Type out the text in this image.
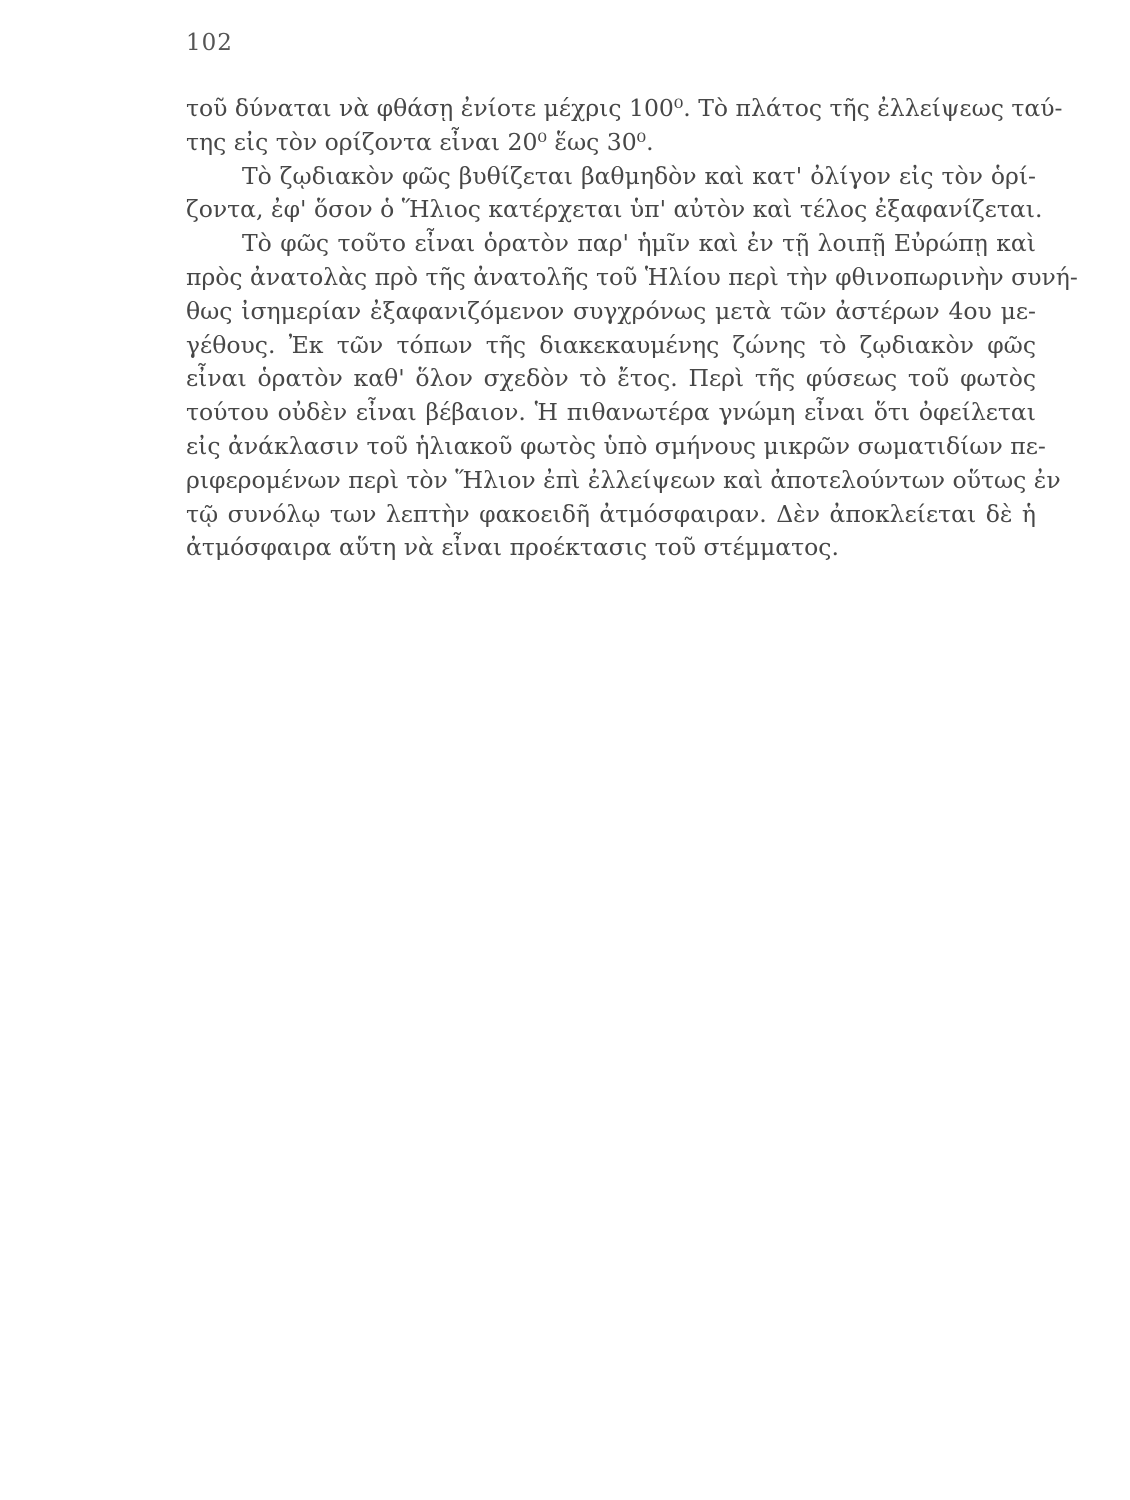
102
τοῦ δύναται νὰ φθάσῃ ἐνίοτε μέχρις 100⁰. Τὸ πλάτος τῆς ἐλλείψεως ταύ-
της εἰς τὸν ορίζοντα εἶναι 20⁰ ἕως 30⁰.
Τὸ ζῳδιακὸν φῶς βυθίζεται βαθμηδὸν καὶ κατ' ὀλίγον εἰς τὸν ὁρί-
ζοντα, ἐφ' ὅσον ὁ Ἥλιος κατέρχεται ὑπ' αὐτὸν καὶ τέλος ἐξαφανίζεται.
Τὸ φῶς τοῦτο εἶναι ὁρατὸν παρ' ἡμῖν καὶ ἐν τῇ λοιπῇ Εὐρώπῃ καὶ
πρὸς ἀνατολὰς πρὸ τῆς ἀνατολῆς τοῦ Ἡλίου περὶ τὴν φθινοπωρινὴν συνή-
θως ἰσημερίαν ἐξαφανιζόμενον συγχρόνως μετὰ τῶν ἀστέρων 4ου με-
γέθους. Ἐκ τῶν τόπων τῆς διακεκαυμένης ζώνης τὸ ζῳδιακὸν φῶς
εἶναι ὁρατὸν καθ' ὅλον σχεδὸν τὸ ἔτος. Περὶ τῆς φύσεως τοῦ φωτὸς
τούτου οὐδὲν εἶναι βέβαιον. Ἡ πιθανωτέρα γνώμη εἶναι ὅτι ὀφείλεται
εἰς ἀνάκλασιν τοῦ ἡλιακοῦ φωτὸς ὑπὸ σμήνους μικρῶν σωματιδίων πε-
ριφερομένων περὶ τὸν Ἥλιον ἐπὶ ἐλλείψεων καὶ ἀποτελούντων οὕτως ἐν
τῷ συνόλῳ των λεπτὴν φακοειδῆ ἀτμόσφαιραν. Δὲν ἀποκλείεται δὲ ἡ
ἀτμόσφαιρα αὕτη νὰ εἶναι προέκτασις τοῦ στέμματος.
